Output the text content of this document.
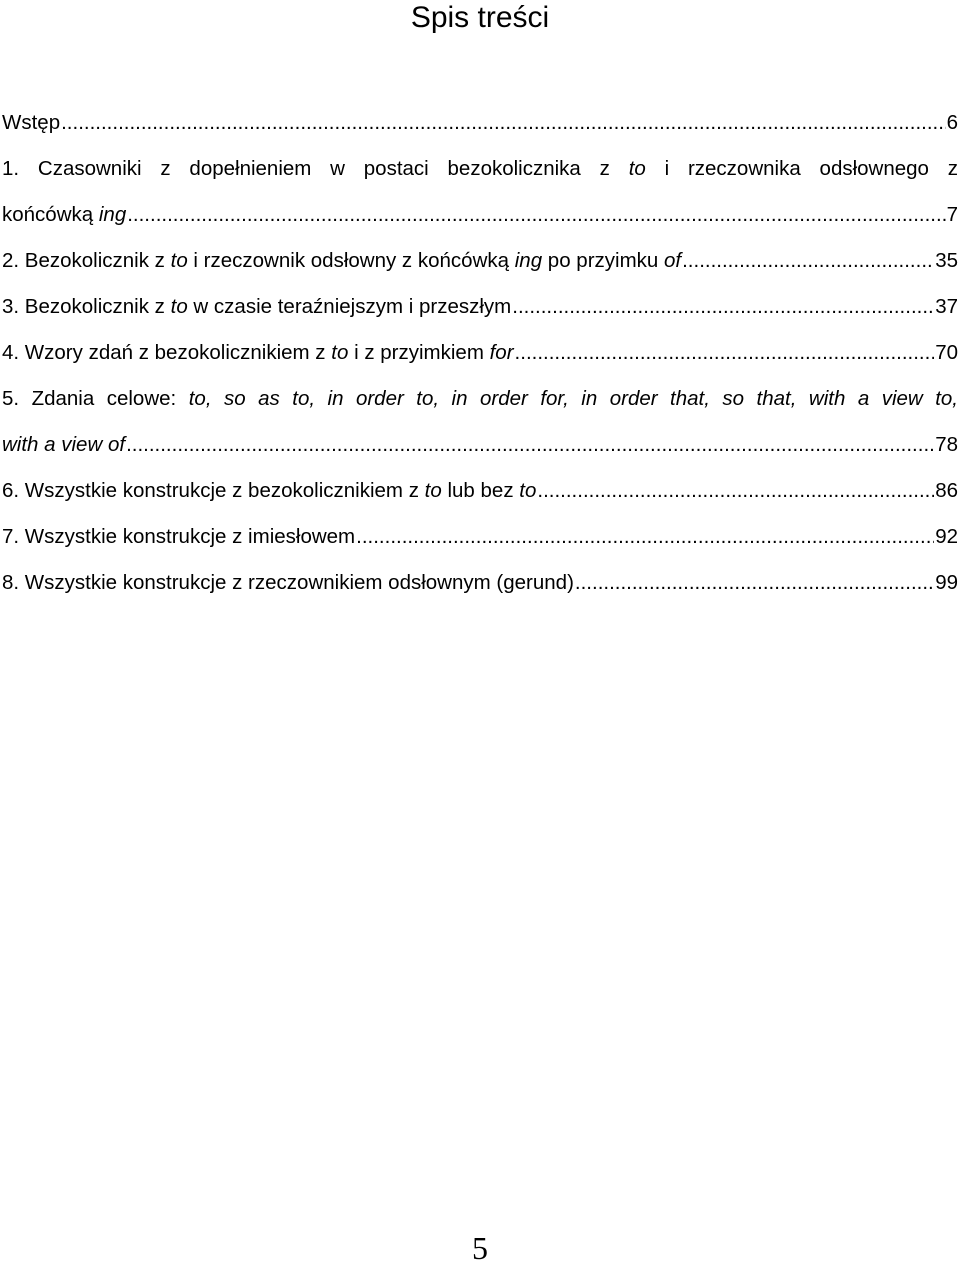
Spis treści
Wstęp .....	6
1. Czasowniki z dopełnieniem w postaci bezokolicznika z to i rzeczownika odsłownego z
końcówką ing .....	7
2. Bezokolicznik z to i rzeczownik odsłowny z końcówką ing po przyimku of .....	35
3. Bezokolicznik z to w czasie teraźniejszym i przeszłym .....	37
4. Wzory zdań z bezokolicznikiem z to i z przyimkiem for .....	70
5. Zdania celowe: to, so as to, in order to, in order for, in order that, so that, with a view to,
with a view of .....	78
6. Wszystkie konstrukcje z bezokolicznikiem z to lub bez to .....	86
7. Wszystkie konstrukcje z imiesłowem .....	92
8. Wszystkie konstrukcje z rzeczownikiem odsłownym (gerund) .....	99
5
